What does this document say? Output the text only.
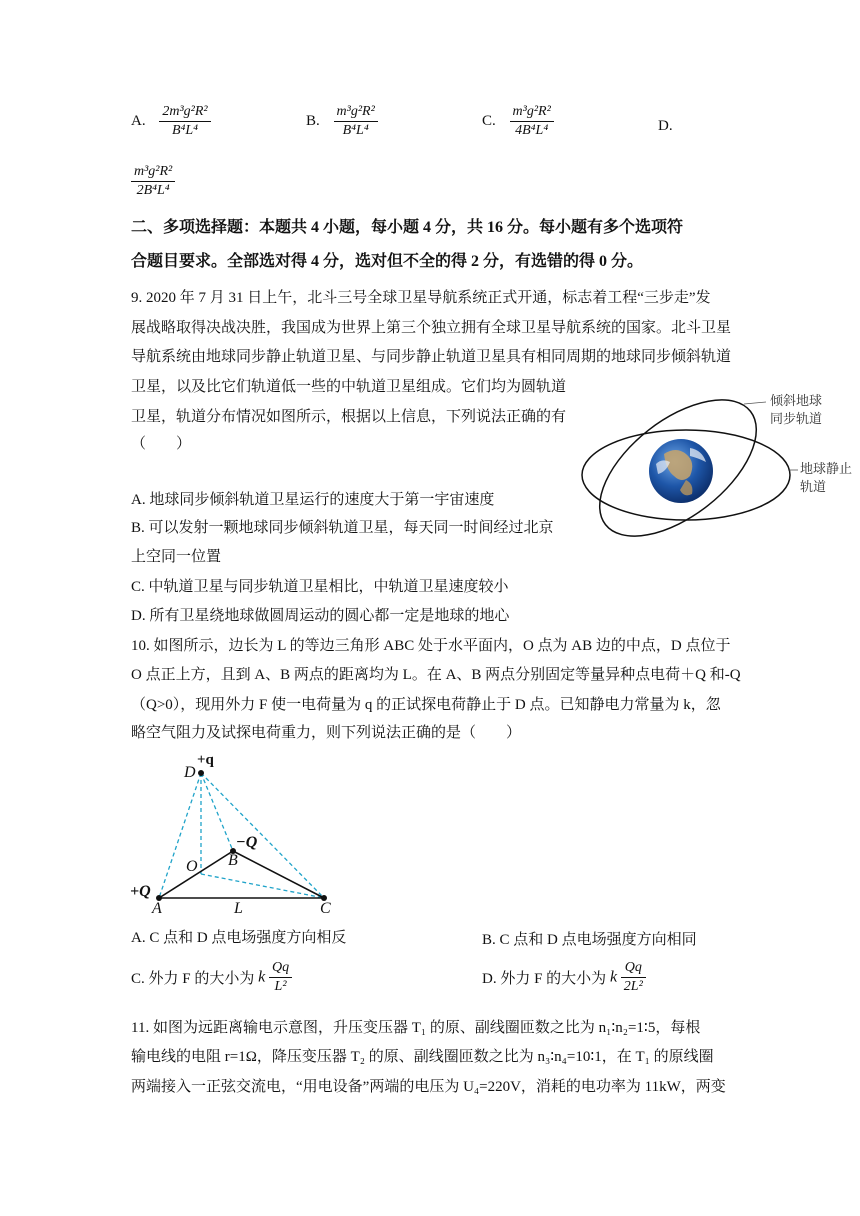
A. $\frac{\text{2m³g²R²}}{\text{B⁴L⁴}}$	B. $\frac{\text{m³g²R²}}{\text{B⁴L⁴}}$	C. $\frac{\text{m³g²R²}}{\text{4B⁴L⁴}}$	D.
$\frac{\text{m³g²R²}}{\text{2B⁴L⁴}}$
二、多项选择题：本题共 4 小题，每小题 4 分，共 16 分。每小题有多个选项符
合题目要求。全部选对得 4 分，选对但不全的得 2 分，有选错的得 0 分。
9. 2020 年 7 月 31 日上午，北斗三号全球卫星导航系统正式开通，标志着工程“三步走”发
展战略取得决战决胜，我国成为世界上第三个独立拥有全球卫星导航系统的国家。北斗卫星
导航系统由地球同步静止轨道卫星、与同步静止轨道卫星具有相同周期的地球同步倾斜轨道
卫星，以及比它们轨道低一些的中轨道卫星组成。它们均为圆轨道
卫星，轨道分布情况如图所示，根据以上信息，下列说法正确的有
（　　）
A. 地球同步倾斜轨道卫星运行的速度大于第一宇宙速度
B. 可以发射一颗地球同步倾斜轨道卫星，每天同一时间经过北京
上空同一位置
C. 中轨道卫星与同步轨道卫星相比，中轨道卫星速度较小
D. 所有卫星绕地球做圆周运动的圆心都一定是地球的地心
倾斜地球
同步轨道
地球静止
轨道
10. 如图所示，边长为 L 的等边三角形 ABC 处于水平面内，O 点为 AB 边的中点，D 点位于
O 点正上方，且到 A、B 两点的距离均为 L。在 A、B 两点分别固定等量异种点电荷＋Q 和-Q
（Q>0），现用外力 F 使一电荷量为 q 的正试探电荷静止于 D 点。已知静电力常量为 k，忽
略空气阻力及试探电荷重力，则下列说法正确的是（　　）
D
+q
O B
−Q
+Q
A	L	C
A. C 点和 D 点电场强度方向相反	B. C 点和 D 点电场强度方向相同
C. 外力 F 的大小为 k $\frac{Qq}{\text{L²}}$	D. 外力 F 的大小为 k $\frac{Qq}{\text{2L²}}$
11. 如图为远距离输电示意图，升压变压器 T₁ 的原、副线圈匝数之比为 n₁∶n₂=1∶5，每根
输电线的电阻 r=1Ω，降压变压器 T₂ 的原、副线圈匝数之比为 n₃∶n₄=10∶1，在 T₁ 的原线圈
两端接入一正弦交流电，“用电设备”两端的电压为 U₄=220V，消耗的电功率为 11kW，两变
